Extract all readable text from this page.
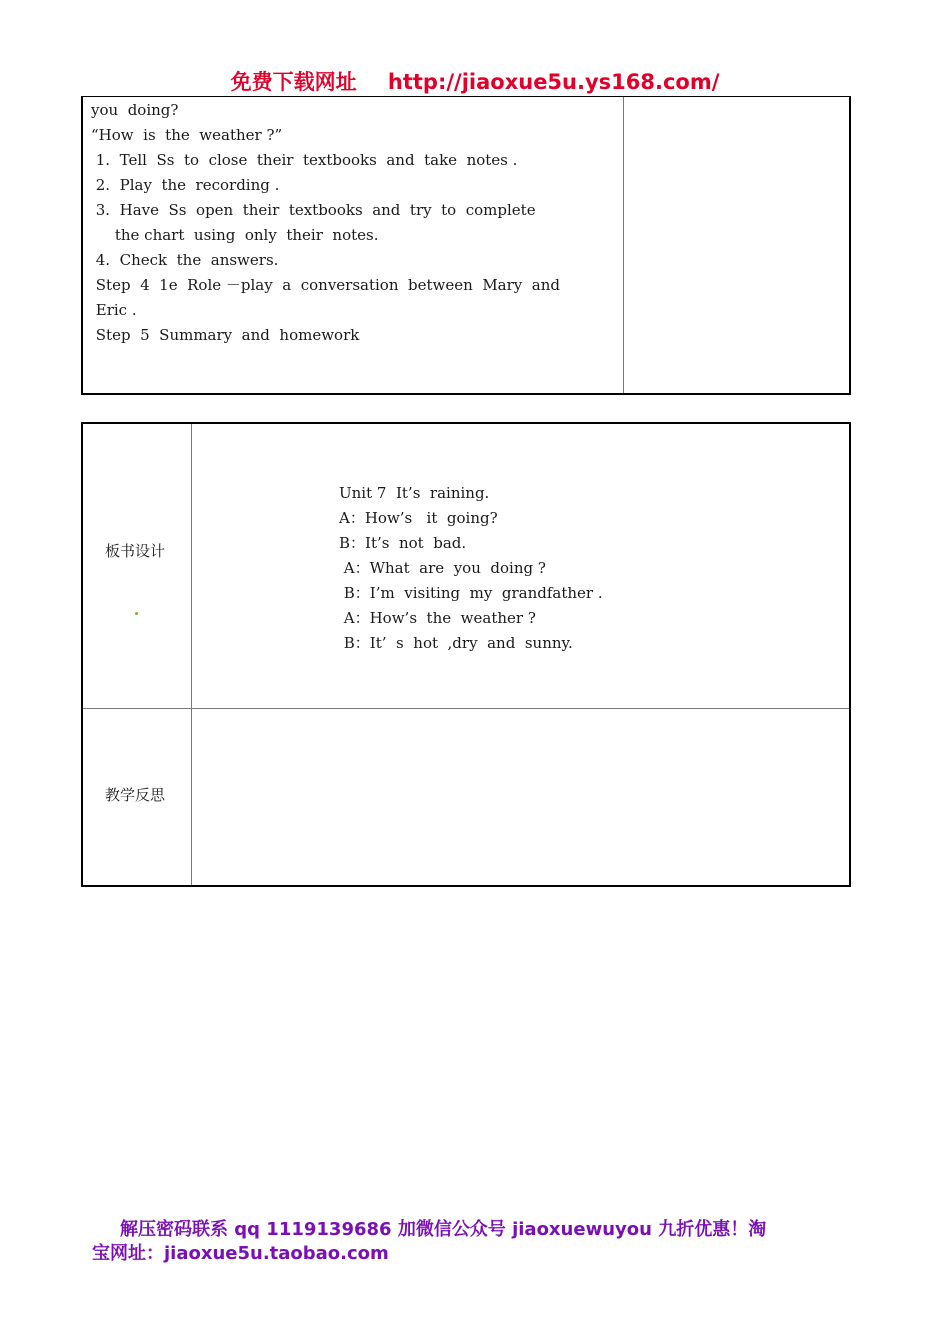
免费下载网址 http://jiaoxue5u.ys168.com/
you  doing?
“How  is  the  weather ?”
1.  Tell  Ss  to  close  their  textbooks  and  take  notes .
2.  Play  the  recording .
3.  Have  Ss  open  their  textbooks  and  try  to  complete
the chart  using  only  their  notes.
4.  Check  the  answers.
Step  4  1e  Role －play  a  conversation  between  Mary  and
Eric .
Step  5  Summary  and  homework
板书设计
Unit 7  It’s  raining.
A：How’s   it  going?
B：It’s  not  bad.
A：What  are  you  doing ?
B：I’m  visiting  my  grandfather .
A：How’s  the  weather ?
B：It’  s  hot  ,dry  and  sunny.
教学反思
解压密码联系 qq 1119139686 加微信公众号 jiaoxuewuyou 九折优惠！淘
宝网址：jiaoxue5u.taobao.com
